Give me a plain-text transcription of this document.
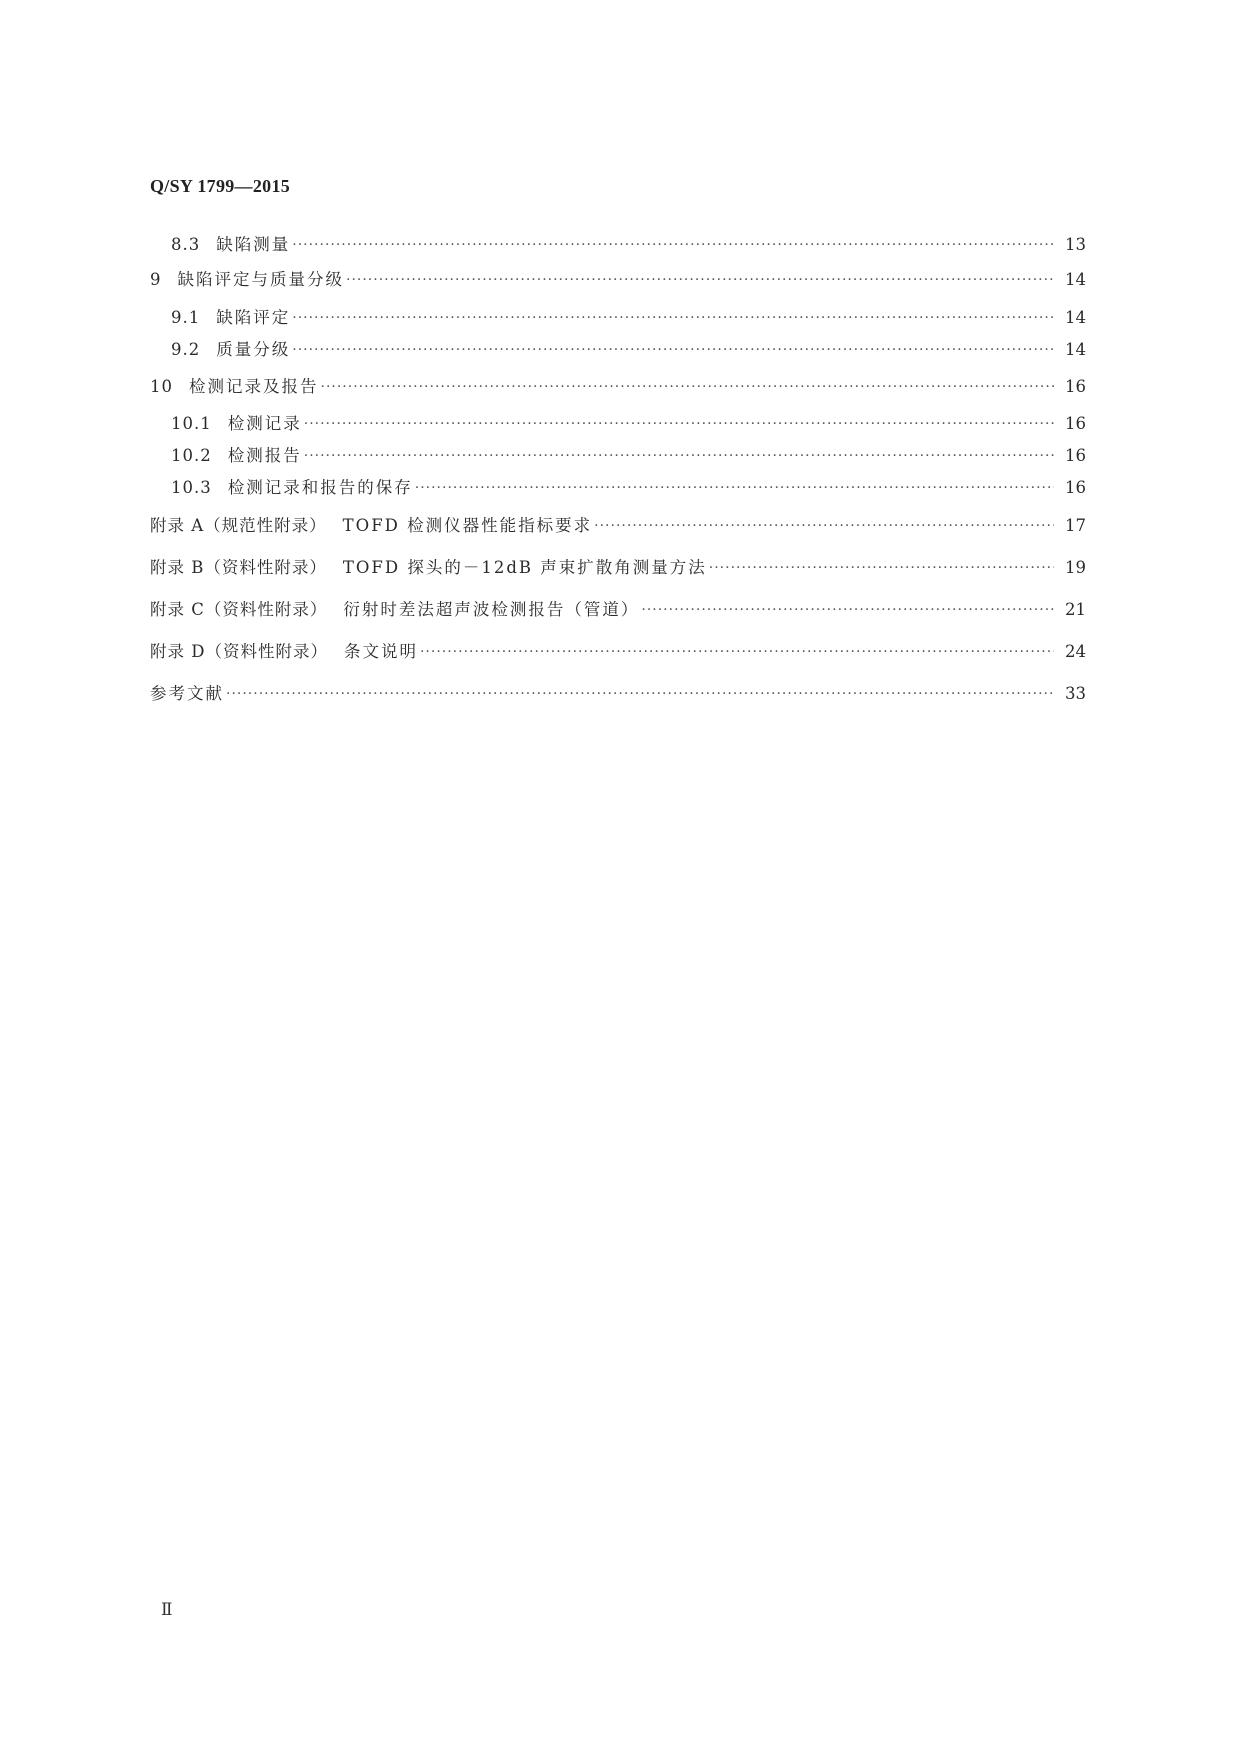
Q/SY 1799—2015
8.3 缺陷测量 ·····	13
9 缺陷评定与质量分级 ·····	14
9.1 缺陷评定 ·····	14
9.2 质量分级 ·····	14
10 检测记录及报告 ·····	16
10.1 检测记录 ·····	16
10.2 检测报告 ·····	16
10.3 检测记录和报告的保存 ·····	16
附录 A（规范性附录） TOFD 检测仪器性能指标要求 ·····	17
附录 B（资料性附录） TOFD 探头的－12dB 声束扩散角测量方法 ·····	19
附录 C（资料性附录） 衍射时差法超声波检测报告（管道） ·····	21
附录 D（资料性附录） 条文说明 ·····	24
参考文献 ·····	33
Ⅱ
